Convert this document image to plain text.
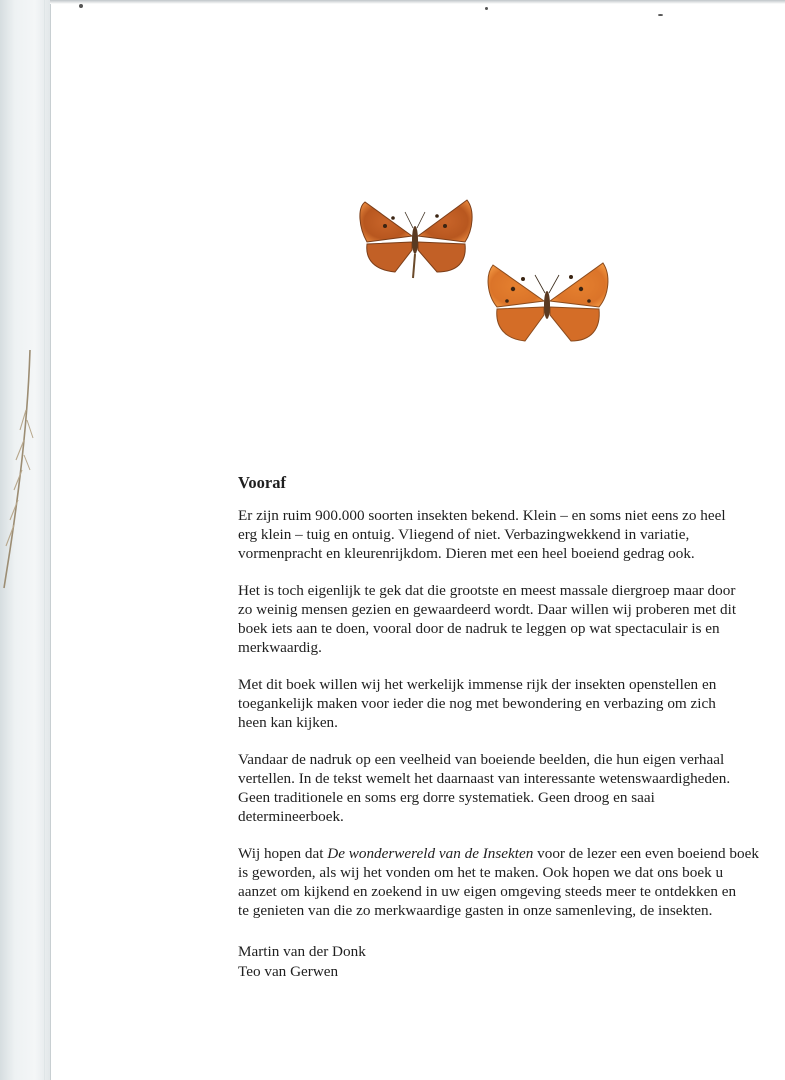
Vooraf

Er zijn ruim 900.000 soorten insekten bekend. Klein – en soms niet eens zo heel
erg klein – tuig en ontuig. Vliegend of niet. Verbazingwekkend in variatie,
vormenpracht en kleurenrijkdom. Dieren met een heel boeiend gedrag ook.

Het is toch eigenlijk te gek dat die grootste en meest massale diergroep maar door
zo weinig mensen gezien en gewaardeerd wordt. Daar willen wij proberen met dit
boek iets aan te doen, vooral door de nadruk te leggen op wat spectaculair is en
merkwaardig.

Met dit boek willen wij het werkelijk immense rijk der insekten openstellen en
toegankelijk maken voor ieder die nog met bewondering en verbazing om zich
heen kan kijken.

Vandaar de nadruk op een veelheid van boeiende beelden, die hun eigen verhaal
vertellen. In de tekst wemelt het daarnaast van interessante wetenswaardigheden.
Geen traditionele en soms erg dorre systematiek. Geen droog en saai
determineerboek.

Wij hopen dat De wonderwereld van de Insekten voor de lezer een even boeiend boek
is geworden, als wij het vonden om het te maken. Ook hopen we dat ons boek u
aanzet om kijkend en zoekend in uw eigen omgeving steeds meer te ontdekken en
te genieten van die zo merkwaardige gasten in onze samenleving, de insekten.

Martin van der Donk
Teo van Gerwen
